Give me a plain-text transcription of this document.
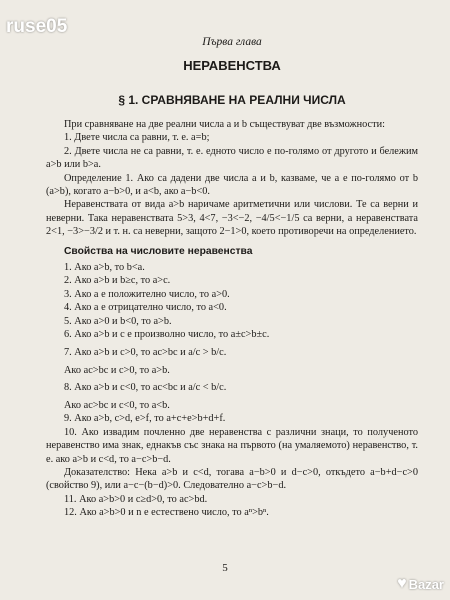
ruse05

Първа глава

НЕРАВЕНСТВА

§ 1. СРАВНЯВАНЕ НА РЕАЛНИ ЧИСЛА

При сравняване на две реални числа a и b съществуват две възможности:

1. Двете числа са равни, т. е. a=b;

2. Двете числа не са равни, т. е. едното число е по-голямо от другото и бележим a>b или b>a.

Определение 1. Ако са дадени две числа a и b, казваме, че a е по-голямо от b (a>b), когато a−b>0, и a<b, ако a−b<0.

Неравенствата от вида a>b наричаме аритметични или числови. Те са верни и неверни. Така неравенствата 5>3, 4<7, −3<−2, −4/5<−1/5 са верни, а неравенствата 2<1, −3>−3/2 и т. н. са неверни, защото 2−1>0, което противоречи на определението.

Свойства на числовите неравенства

1. Ако a>b, то b<a.

2. Ако a>b и b≥c, то a>c.

3. Ако a е положително число, то a>0.

4. Ако a е отрицателно число, то a<0.

5. Ако a>0 и b<0, то a>b.

6. Ако a>b и c е произволно число, то a±c>b±c.

7. Ако a>b и c>0, то ac>bc и a/c > b/c.

Ако ac>bc и c>0, то a>b.

8. Ако a>b и c<0, то ac<bc и a/c < b/c.

Ако ac>bc и c<0, то a<b.

9. Ако a>b, c>d, e>f, то a+c+e>b+d+f.

10. Ако извадим почленно две неравенства с различни знаци, то полученото неравенство има знак, еднакъв със знака на първото (на умаляемото) неравенство, т. е. ако a>b и c<d, то a−c>b−d.

Доказателство: Нека a>b и c<d, тогава a−b>0 и d−c>0, откъдето a−b+d−c>0 (свойство 9), или a−c−(b−d)>0. Следователно a−c>b−d.

11. Ако a>b>0 и c≥d>0, то ac>bd.

12. Ако a>b>0 и n е естествено число, то aⁿ>bⁿ.

5
♥ Bazar
